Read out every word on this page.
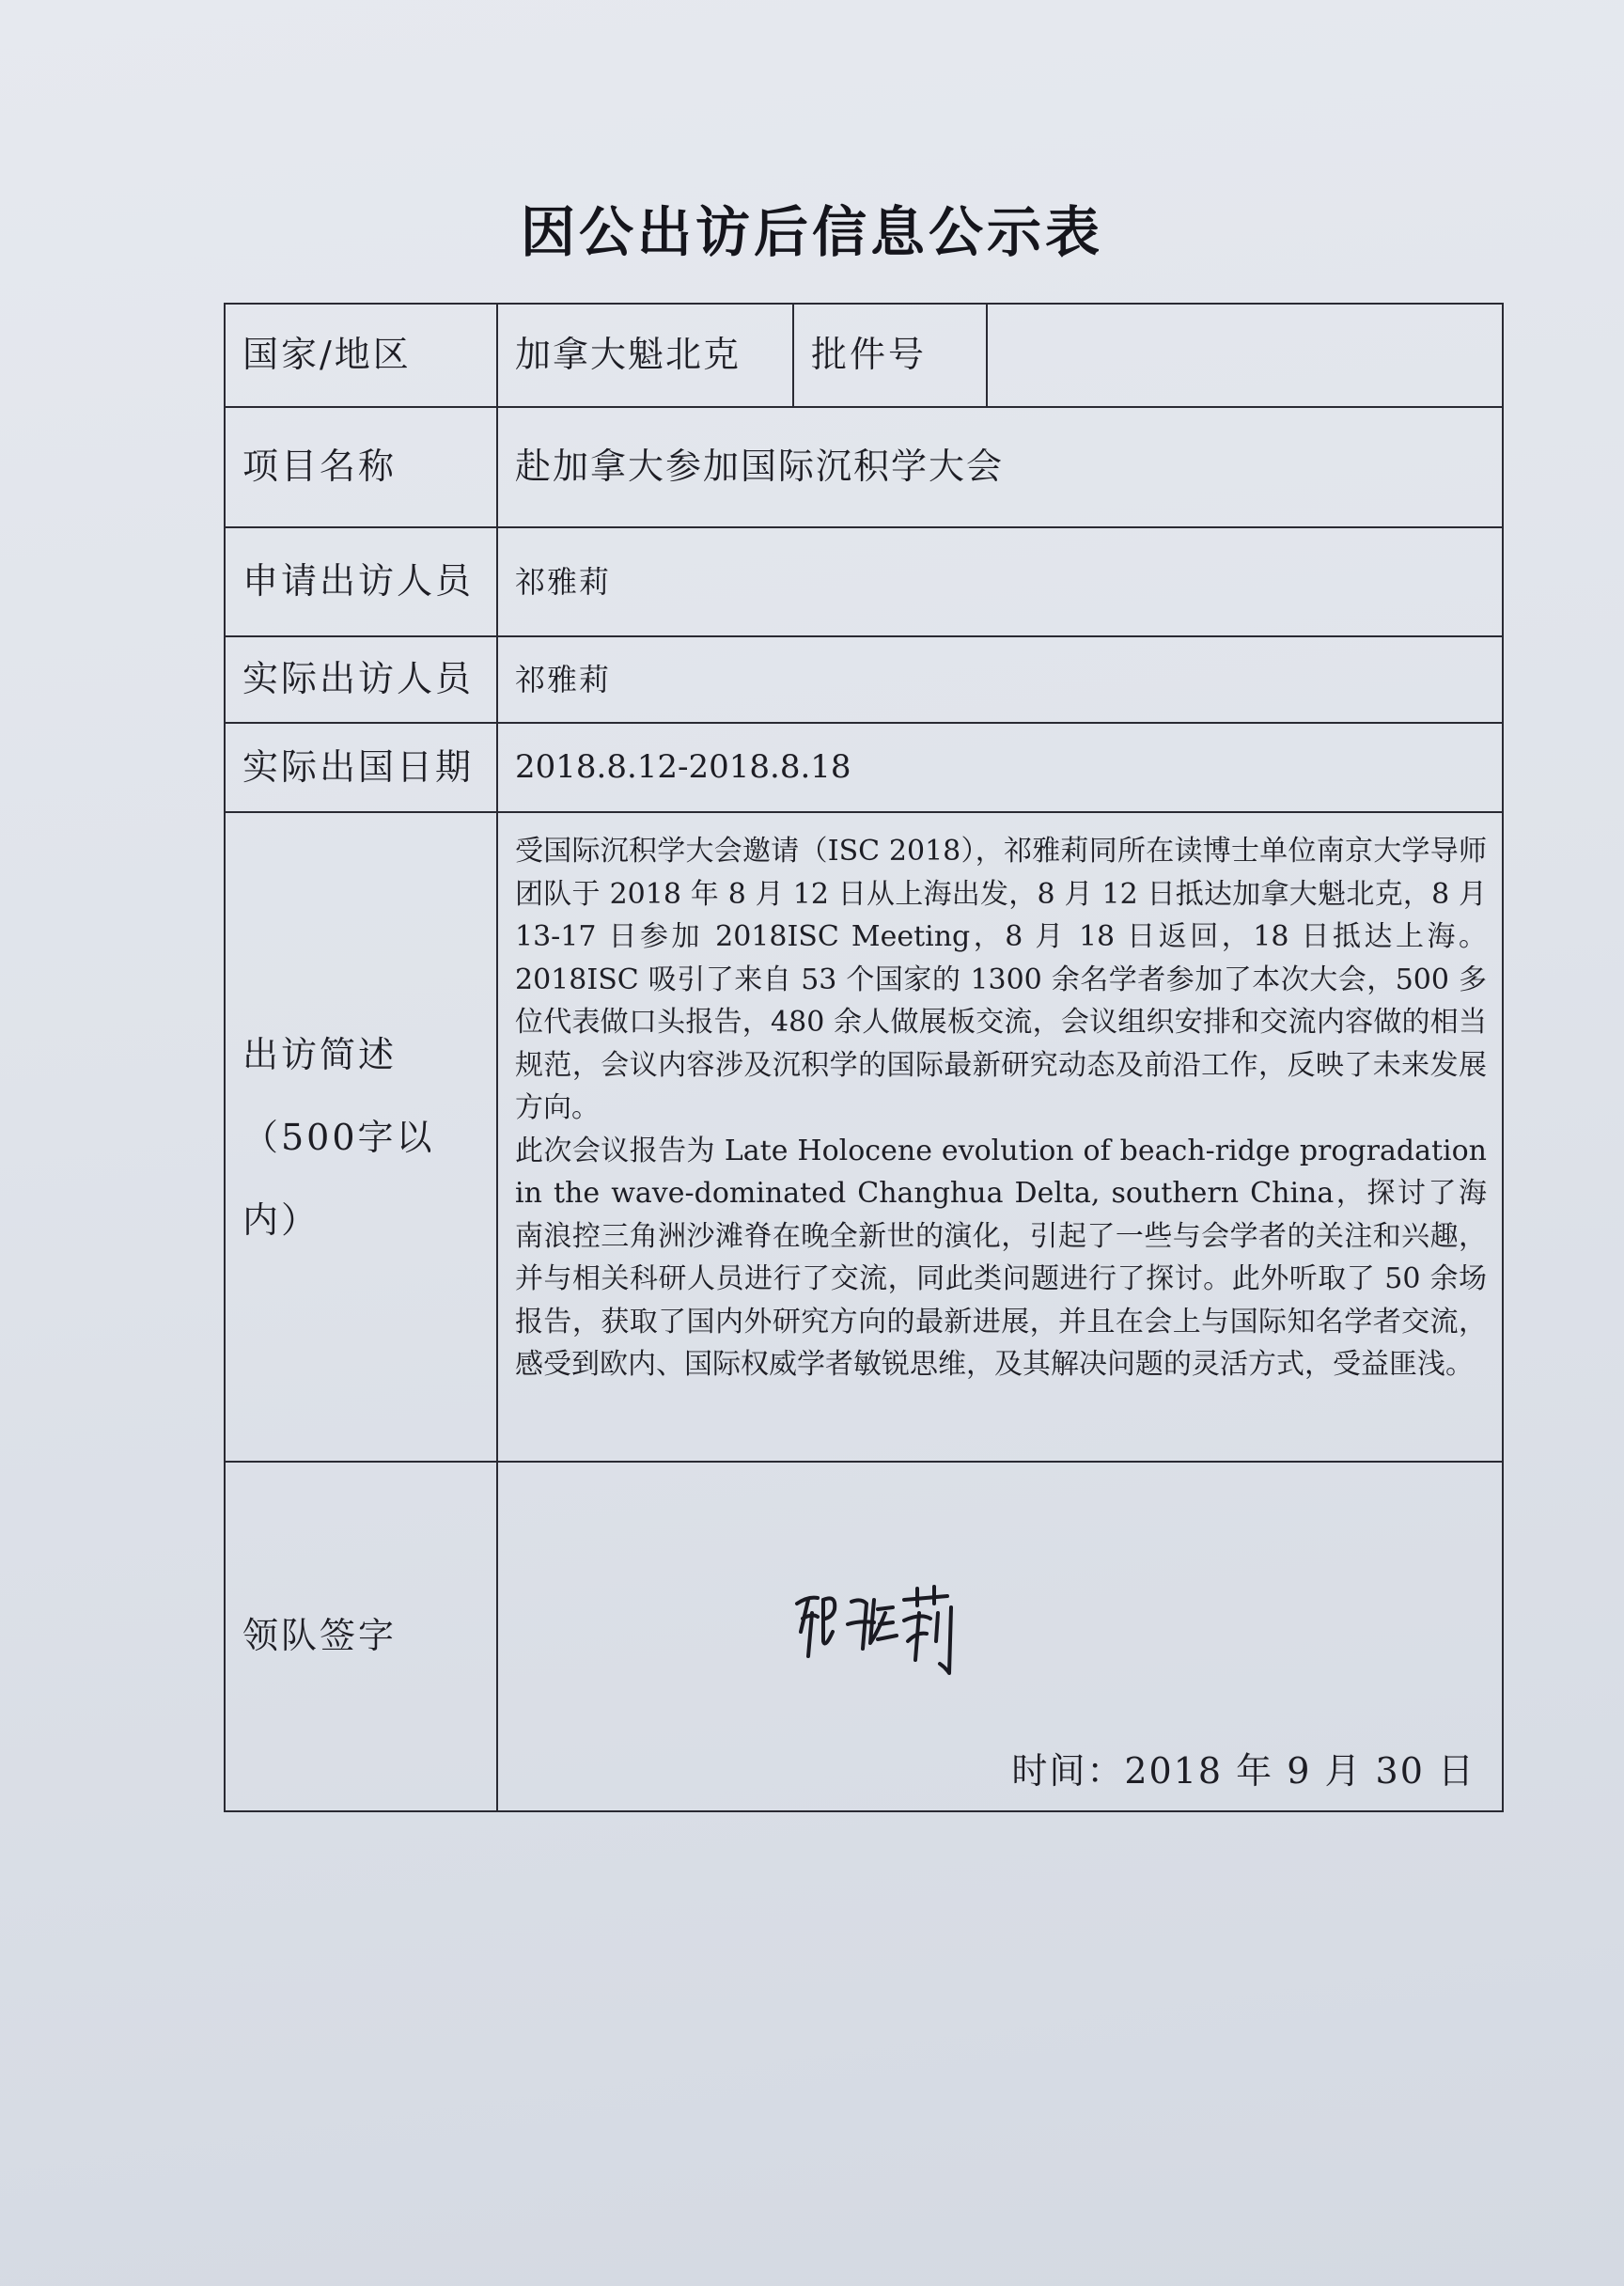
因公出访后信息公示表
国家/地区	加拿大魁北克	批件号	
项目名称	赴加拿大参加国际沉积学大会		
申请出访人员	祁雅莉		
实际出访人员	祁雅莉		
实际出国日期	2018.8.12-2018.8.18		
出访简述（500字以内）	受国际沉积学大会邀请（ISC 2018），祁雅莉同所在读博士单位南京大学导师团队于 2018 年 8 月 12 日从上海出发，8 月 12 日抵达加拿大魁北克，8 月 13-17 日参加 2018ISC Meeting，8 月 18 日返回，18 日抵达上海。2018ISC 吸引了来自 53 个国家的 1300 余名学者参加了本次大会，500 多位代表做口头报告，480 余人做展板交流，会议组织安排和交流内容做的相当规范，会议内容涉及沉积学的国际最新研究动态及前沿工作，反映了未来发展方向。

此次会议报告为 Late Holocene evolution of beach-ridge progradation in the wave-dominated Changhua Delta, southern China，探讨了海南浪控三角洲沙滩脊在晚全新世的演化，引起了一些与会学者的关注和兴趣，并与相关科研人员进行了交流，同此类问题进行了探讨。此外听取了 50 余场报告，获取了国内外研究方向的最新进展，并且在会上与国际知名学者交流，感受到欧内、国际权威学者敏锐思维，及其解决问题的灵活方式，受益匪浅。		

领队签字	时间：2018 年 9 月 30 日		
